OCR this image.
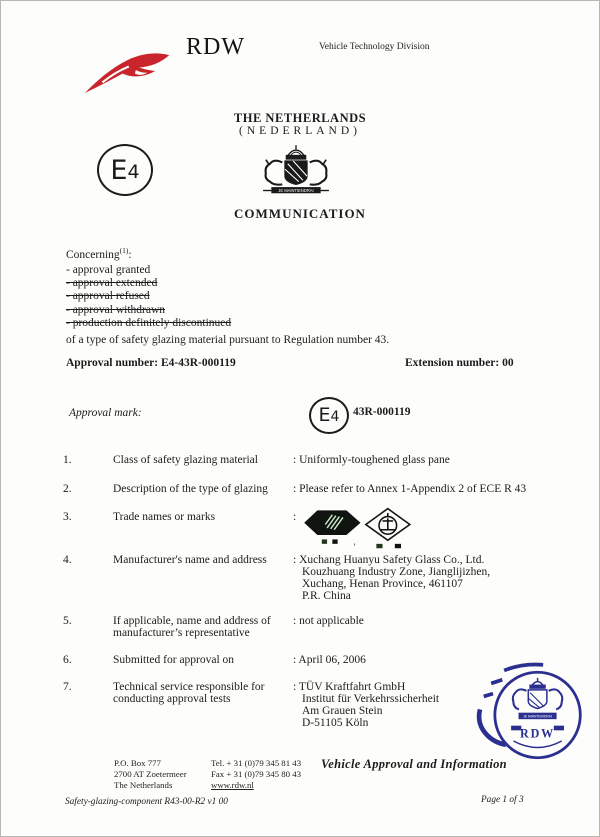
RDW	Vehicle Technology Division
THE NETHERLANDS
(NEDERLAND)
E 4
JE MAINTIENDRAI
COMMUNICATION
Concerning$^{(1)}$:
- approval granted
- approval extended
- approval refused
- approval withdrawn
- production definitely discontinued
of a type of safety glazing material pursuant to Regulation number 43.
Approval number: E4-43R-000119	Extension number: 00
Approval mark:	E 4 43R-000119
1.	Class of safety glazing material	: Uniformly-toughened glass pane
2.	Description of the type of glazing	: Please refer to Annex 1-Appendix 2 of ECE R 43
3.	Trade names or marks	:
,
4.	Manufacturer's name and address	: Xuchang Huanyu Safety Glass Co., Ltd.
Kouzhuang Industry Zone, Jianglijizhen,
Xuchang, Henan Province, 461107
P.R. China
5.	If applicable, name and address of
manufacturer’s representative
: not applicable
6.	Submitted for approval on	: April 06, 2006
7.	Technical service responsible for
conducting approval tests
: TÜV Kraftfahrt GmbH
Institut für Verkehrssicherheit
Am Grauen Stein
D-51105 Köln
JE MAINTIENDRAI
RDW
P.O. Box 777
2700 AT Zoetermeer
The Netherlands
Tel. + 31 (0)79 345 81 43
Fax + 31 (0)79 345 80 43
www.rdw.nl
Vehicle Approval and Information
Safety-glazing-component R43-00-R2 v1 00	Page 1 of 3
